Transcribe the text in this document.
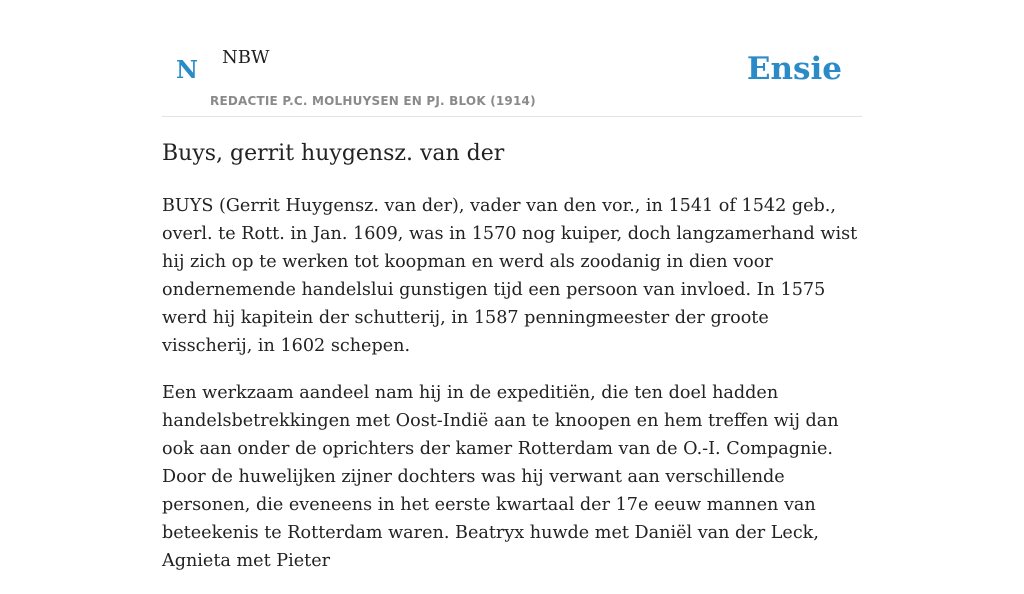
N NBW
REDACTIE P.C. MOLHUYSEN EN PJ. BLOK (1914)
Ensie
Buys, gerrit huygensz. van der

BUYS (Gerrit Huygensz. van der), vader van den vor., in 1541 of 1542 geb., overl. te Rott. in Jan. 1609, was in 1570 nog kuiper, doch langzamerhand wist hij zich op te werken tot koopman en werd als zoodanig in dien voor ondernemende handelslui gunstigen tijd een persoon van invloed. In 1575 werd hij kapitein der schutterij, in 1587 penningmeester der groote visscherij, in 1602 schepen.

Een werkzaam aandeel nam hij in de expeditiën, die ten doel hadden handelsbetrekkingen met Oost-Indië aan te knoopen en hem treffen wij dan ook aan onder de oprichters der kamer Rotterdam van de O.-I. Compagnie. Door de huwelijken zijner dochters was hij verwant aan verschillende personen, die eveneens in het eerste kwartaal der 17e eeuw mannen van beteekenis te Rotterdam waren. Beatryx huwde met Daniël van der Leck, Agnieta met Pieter
